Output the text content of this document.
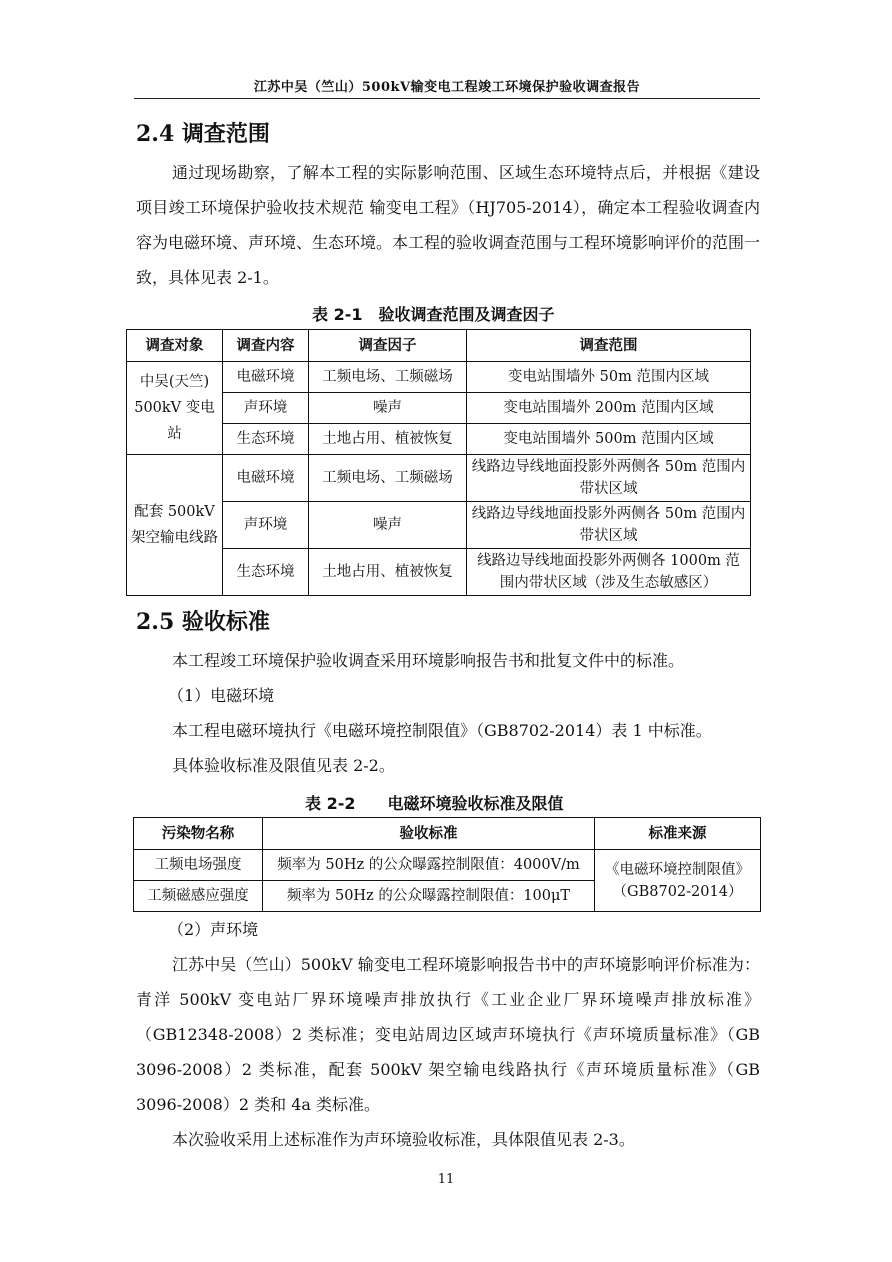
江苏中吴（竺山）500kV输变电工程竣工环境保护验收调查报告
2.4 调查范围

通过现场勘察，了解本工程的实际影响范围、区域生态环境特点后，并根据《建设项目竣工环境保护验收技术规范 输变电工程》（HJ705-2014），确定本工程验收调查内容为电磁环境、声环境、生态环境。本工程的验收调查范围与工程环境影响评价的范围一致，具体见表 2-1。

表 2-1　验收调查范围及调查因子
调查对象	调查内容	调查因子	调查范围
中吴(天竺) 500kV 变电站	电磁环境	工频电场、工频磁场	变电站围墙外 50m 范围内区域
	声环境	噪声	变电站围墙外 200m 范围内区域
	生态环境	土地占用、植被恢复	变电站围墙外 500m 范围内区域
配套 500kV 架空输电线路	电磁环境	工频电场、工频磁场	线路边导线地面投影外两侧各 50m 范围内带状区域
	声环境	噪声	线路边导线地面投影外两侧各 50m 范围内带状区域
	生态环境	土地占用、植被恢复	线路边导线地面投影外两侧各 1000m 范围内带状区域（涉及生态敏感区）
2.5 验收标准

本工程竣工环境保护验收调查采用环境影响报告书和批复文件中的标准。

（1）电磁环境

本工程电磁环境执行《电磁环境控制限值》（GB8702-2014）表 1 中标准。

具体验收标准及限值见表 2-2。

表 2-2　　电磁环境验收标准及限值
污染物名称	验收标准	标准来源
工频电场强度	频率为 50Hz 的公众曝露控制限值：4000V/m	《电磁环境控制限值》（GB8702-2014）
工频磁感应强度	频率为 50Hz 的公众曝露控制限值：100μT	

（2）声环境

江苏中吴（竺山）500kV 输变电工程环境影响报告书中的声环境影响评价标准为：青洋 500kV 变电站厂界环境噪声排放执行《工业企业厂界环境噪声排放标准》（GB12348-2008）2 类标准；变电站周边区域声环境执行《声环境质量标准》（GB 3096-2008）2 类标准，配套 500kV 架空输电线路执行《声环境质量标准》（GB 3096-2008）2 类和 4a 类标准。

本次验收采用上述标准作为声环境验收标准，具体限值见表 2-3。

11
